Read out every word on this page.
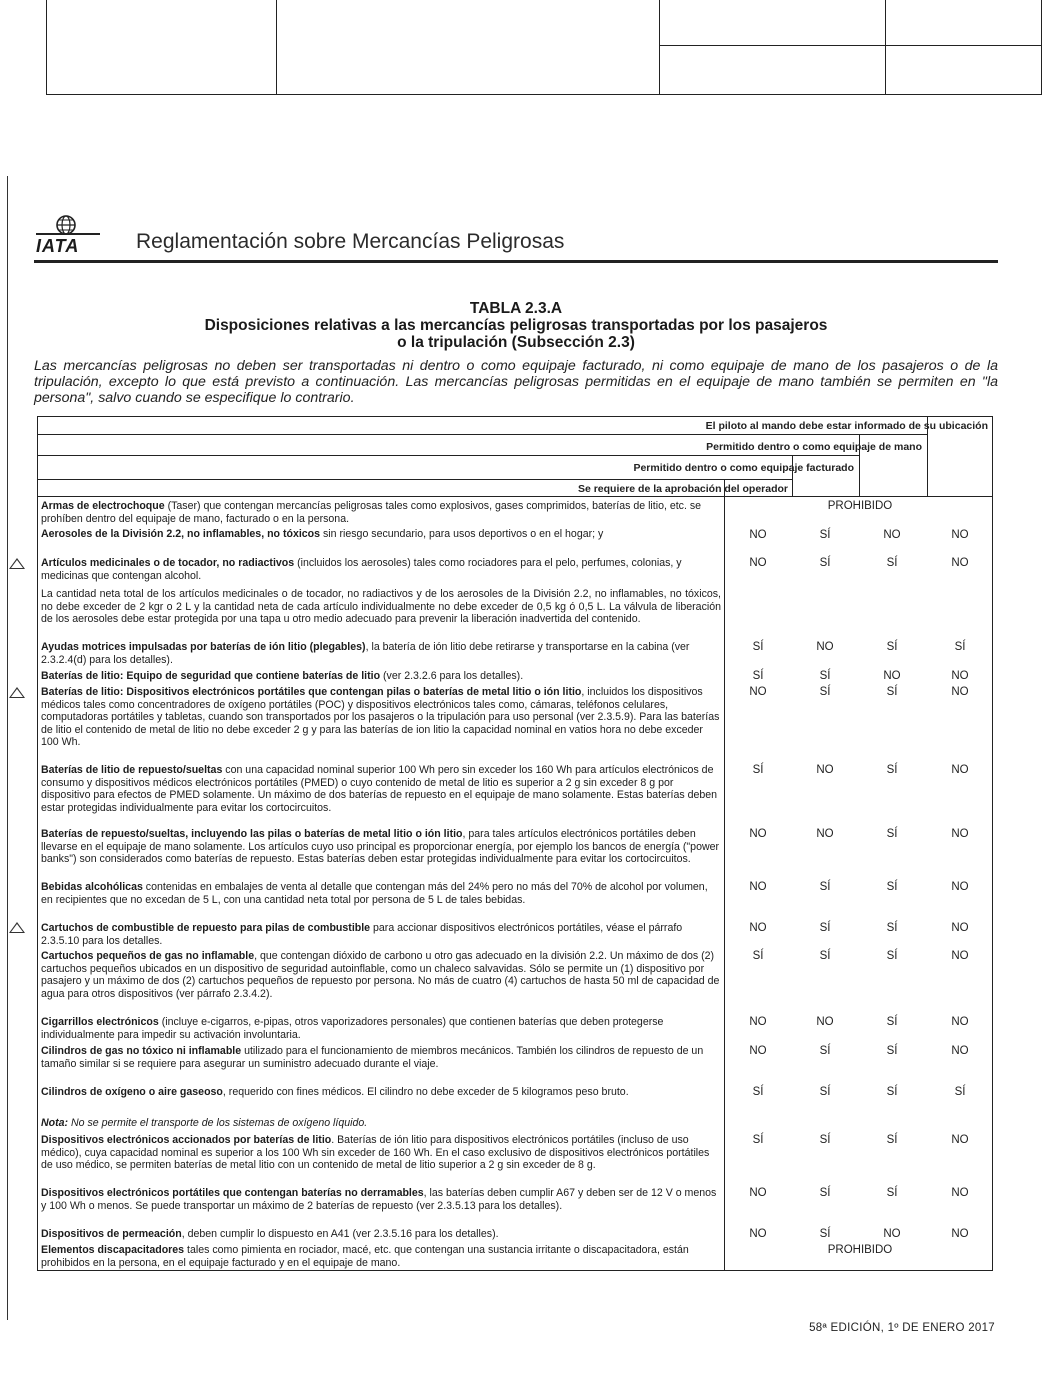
IATA	Reglamentación sobre Mercancías Peligrosas
TABLA 2.3.A
Disposiciones relativas a las mercancías peligrosas transportadas por los pasajeros
o la tripulación (Subsección 2.3)
Las mercancías peligrosas no deben ser transportadas ni dentro o como equipaje facturado, ni como equipaje de mano de los pasajeros o de la tripulación, excepto lo que está previsto a continuación. Las mercancías peligrosas permitidas en el equipaje de mano también se permiten en "la persona", salvo cuando se especifique lo contrario.
El piloto al mando debe estar informado de su ubicación
Permitido dentro o como equipaje de mano
Permitido dentro o como equipaje facturado
Se requiere de la aprobación del operador
Armas de electrochoque (Taser) que contengan mercancías peligrosas tales como explosivos, gases comprimidos, baterías de litio, etc. se prohíben dentro del equipaje de mano, facturado o en la persona.
PROHIBIDO
Aerosoles de la División 2.2, no inflamables, no tóxicos sin riesgo secundario, para usos deportivos o en el hogar; y	NO	SÍ	NO	NO
Artículos medicinales o de tocador, no radiactivos (incluidos los aerosoles) tales como rociadores para el pelo, perfumes, colonias, y medicinas que contengan alcohol.
NO	SÍ	SÍ	NO
La cantidad neta total de los artículos medicinales o de tocador, no radiactivos y de los aerosoles de la División 2.2, no inflamables, no tóxicos, no debe exceder de 2 kgr o 2 L y la cantidad neta de cada artículo individualmente no debe exceder de 0,5 kg ó 0,5 L. La válvula de liberación de los aerosoles debe estar protegida por una tapa u otro medio adecuado para prevenir la liberación inadvertida del contenido.
Ayudas motrices impulsadas por baterías de ión litio (plegables), la batería de ión litio debe retirarse y transportarse en la cabina (ver 2.3.2.4(d) para los detalles).
SÍ	NO	SÍ	SÍ
Baterías de litio: Equipo de seguridad que contiene baterías de litio (ver 2.3.2.6 para los detalles).	SÍ	SÍ	NO	NO
Baterías de litio: Dispositivos electrónicos portátiles que contengan pilas o baterías de metal litio o ión litio, incluidos los dispositivos médicos tales como concentradores de oxígeno portátiles (POC) y dispositivos electrónicos tales como, cámaras, teléfonos celulares, computadoras portátiles y tabletas, cuando son transportados por los pasajeros o la tripulación para uso personal (ver 2.3.5.9). Para las baterías de litio el contenido de metal de litio no debe exceder 2 g y para las baterías de ion litio la capacidad nominal en vatios hora no debe exceder 100 Wh.
NO	SÍ	SÍ	NO
Baterías de litio de repuesto/sueltas con una capacidad nominal superior 100 Wh pero sin exceder los 160 Wh para artículos electrónicos de consumo y dispositivos médicos electrónicos portátiles (PMED) o cuyo contenido de metal de litio es superior a 2 g sin exceder 8 g por dispositivo para efectos de PMED solamente. Un máximo de dos baterías de repuesto en el equipaje de mano solamente. Estas baterías deben estar protegidas individualmente para evitar los cortocircuitos.
SÍ	NO	SÍ	NO
Baterías de repuesto/sueltas, incluyendo las pilas o baterías de metal litio o ión litio, para tales artículos electrónicos portátiles deben llevarse en el equipaje de mano solamente. Los artículos cuyo uso principal es proporcionar energía, por ejemplo los bancos de energía ("power banks") son considerados como baterías de repuesto. Estas baterías deben estar protegidas individualmente para evitar los cortocircuitos.
NO	NO	SÍ	NO
Bebidas alcohólicas contenidas en embalajes de venta al detalle que contengan más del 24% pero no más del 70% de alcohol por volumen, en recipientes que no excedan de 5 L, con una cantidad neta total por persona de 5 L de tales bebidas.
NO	SÍ	SÍ	NO
Cartuchos de combustible de repuesto para pilas de combustible para accionar dispositivos electrónicos portátiles, véase el párrafo 2.3.5.10 para los detalles.
NO	SÍ	SÍ	NO
Cartuchos pequeños de gas no inflamable, que contengan dióxido de carbono u otro gas adecuado en la división 2.2. Un máximo de dos (2) cartuchos pequeños ubicados en un dispositivo de seguridad autoinflable, como un chaleco salvavidas. Sólo se permite un (1) dispositivo por pasajero y un máximo de dos (2) cartuchos pequeños de repuesto por persona. No más de cuatro (4) cartuchos de hasta 50 ml de capacidad de agua para otros dispositivos (ver párrafo 2.3.4.2).
SÍ	SÍ	SÍ	NO
Cigarrillos electrónicos (incluye e-cigarros, e-pipas, otros vaporizadores personales) que contienen baterías que deben protegerse individualmente para impedir su activación involuntaria.
NO	NO	SÍ	NO
Cilindros de gas no tóxico ni inflamable utilizado para el funcionamiento de miembros mecánicos. También los cilindros de repuesto de un tamaño similar si se requiere para asegurar un suministro adecuado durante el viaje.
NO	SÍ	SÍ	NO
Cilindros de oxígeno o aire gaseoso, requerido con fines médicos. El cilindro no debe exceder de 5 kilogramos peso bruto.	SÍ	SÍ	SÍ	SÍ
Nota: No se permite el transporte de los sistemas de oxígeno líquido.
Dispositivos electrónicos accionados por baterías de litio. Baterías de ión litio para dispositivos electrónicos portátiles (incluso de uso médico), cuya capacidad nominal es superior a los 100 Wh sin exceder de 160 Wh. En el caso exclusivo de dispositivos electrónicos portátiles de uso médico, se permiten baterías de metal litio con un contenido de metal de litio superior a 2 g sin exceder de 8 g.
SÍ	SÍ	SÍ	NO
Dispositivos electrónicos portátiles que contengan baterías no derramables, las baterías deben cumplir A67 y deben ser de 12 V o menos y 100 Wh o menos. Se puede transportar un máximo de 2 baterías de repuesto (ver 2.3.5.13 para los detalles).
NO	SÍ	SÍ	NO
Dispositivos de permeación, deben cumplir lo dispuesto en A41 (ver 2.3.5.16 para los detalles).	NO	SÍ	NO	NO
Elementos discapacitadores tales como pimienta en rociador, macé, etc. que contengan una sustancia irritante o discapacitadora, están prohibidos en la persona, en el equipaje facturado y en el equipaje de mano.
PROHIBIDO
58ª EDICIÓN, 1º DE ENERO 2017
